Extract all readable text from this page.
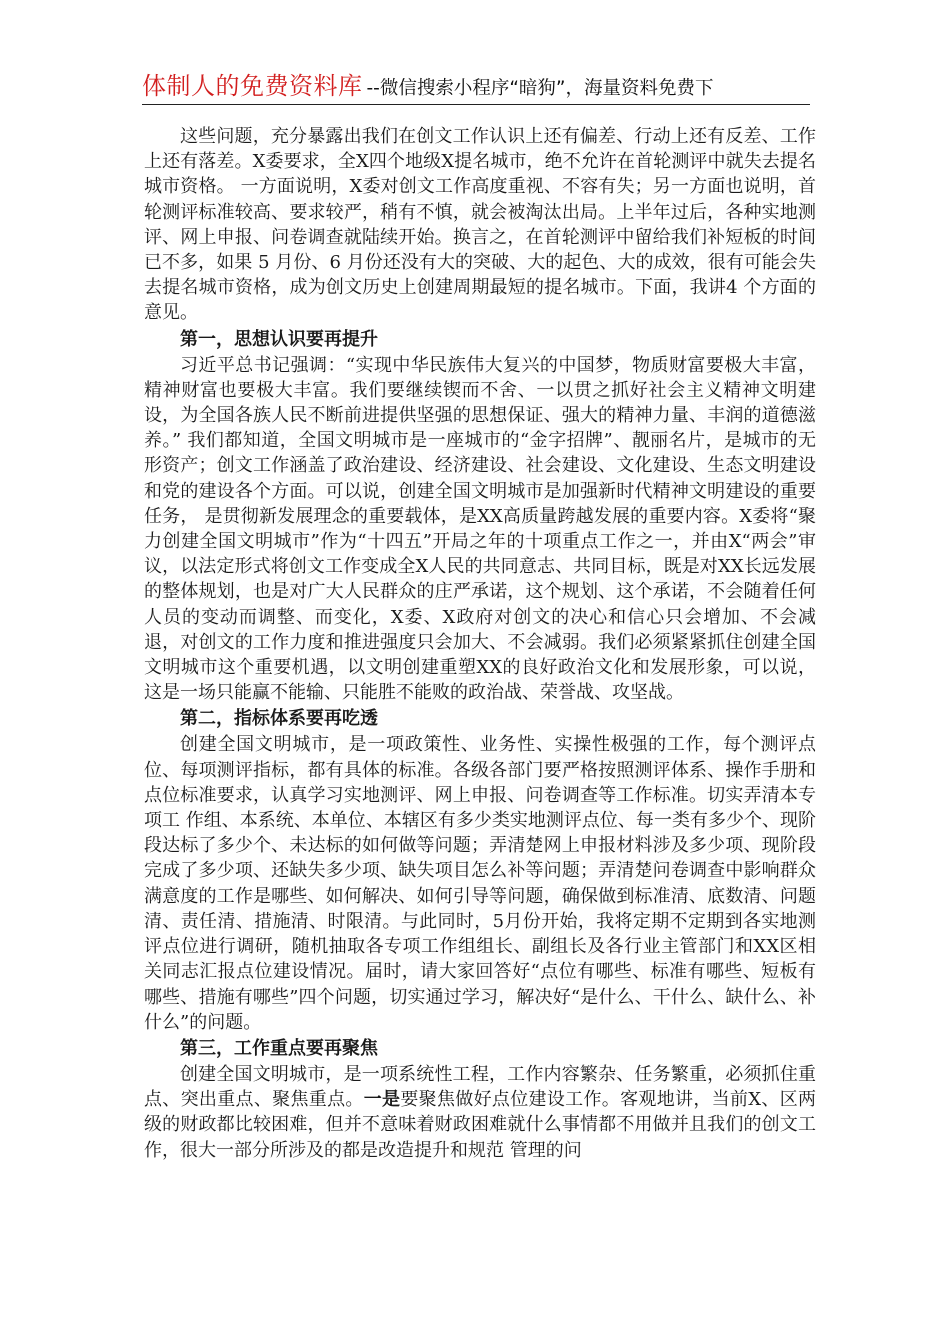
体制人的免费资料库 --微信搜索小程序“暗狗”，海量资料免费下

这些问题，充分暴露出我们在创文工作认识上还有偏差、行动上还有反差、工作上还有落差。X委要求，全X四个地级X提名城市，绝不允许在首轮测评中就失去提名城市资格。 一方面说明，X委对创文工作高度重视、不容有失；另一方面也说明，首轮测评标准较高、要求较严，稍有不慎，就会被淘汰出局。上半年过后，各种实地测评、网上申报、问卷调查就陆续开始。换言之，在首轮测评中留给我们补短板的时间已不多，如果 5 月份、6 月份还没有大的突破、大的起色、大的成效，很有可能会失去提名城市资格，成为创文历史上创建周期最短的提名城市。下面，我讲4 个方面的意见。

第一，思想认识要再提升

习近平总书记强调：“实现中华民族伟大复兴的中国梦，物质财富要极大丰富，精神财富也要极大丰富。我们要继续锲而不舍、一以贯之抓好社会主义精神文明建设，为全国各族人民不断前进提供坚强的思想保证、强大的精神力量、丰润的道德滋养。” 我们都知道，全国文明城市是一座城市的“金字招牌”、靓丽名片，是城市的无形资产；创文工作涵盖了政治建设、经济建设、社会建设、文化建设、生态文明建设和党的建设各个方面。可以说，创建全国文明城市是加强新时代精神文明建设的重要任务， 是贯彻新发展理念的重要载体，是XX高质量跨越发展的重要内容。X委将“聚力创建全国文明城市”作为“十四五”开局之年的十项重点工作之一，并由X“两会”审议，以法定形式将创文工作变成全X人民的共同意志、共同目标，既是对XX长远发展的整体规划，也是对广大人民群众的庄严承诺，这个规划、这个承诺，不会随着任何人员的变动而调整、而变化，X委、X政府对创文的决心和信心只会增加、不会减退，对创文的工作力度和推进强度只会加大、不会减弱。我们必须紧紧抓住创建全国文明城市这个重要机遇，以文明创建重塑XX的良好政治文化和发展形象，可以说，这是一场只能赢不能输、只能胜不能败的政治战、荣誉战、攻坚战。

第二，指标体系要再吃透

创建全国文明城市，是一项政策性、业务性、实操性极强的工作，每个测评点位、每项测评指标，都有具体的标准。各级各部门要严格按照测评体系、操作手册和点位标准要求，认真学习实地测评、网上申报、问卷调查等工作标准。切实弄清本专项工 作组、本系统、本单位、本辖区有多少类实地测评点位、每一类有多少个、现阶段达标了多少个、未达标的如何做等问题；弄清楚网上申报材料涉及多少项、现阶段完成了多少项、还缺失多少项、缺失项目怎么补等问题；弄清楚问卷调查中影响群众满意度的工作是哪些、如何解决、如何引导等问题，确保做到标准清、底数清、问题清、责任清、措施清、时限清。与此同时，5月份开始，我将定期不定期到各实地测评点位进行调研，随机抽取各专项工作组组长、副组长及各行业主管部门和XX区相关同志汇报点位建设情况。届时，请大家回答好“点位有哪些、标准有哪些、短板有哪些、措施有哪些”四个问题，切实通过学习，解决好“是什么、干什么、缺什么、补什么”的问题。

第三，工作重点要再聚焦

创建全国文明城市，是一项系统性工程，工作内容繁杂、任务繁重，必须抓住重点、突出重点、聚焦重点。一是要聚焦做好点位建设工作。客观地讲，当前X、区两级的财政都比较困难，但并不意味着财政困难就什么事情都不用做并且我们的创文工作，很大一部分所涉及的都是改造提升和规范 管理的问
